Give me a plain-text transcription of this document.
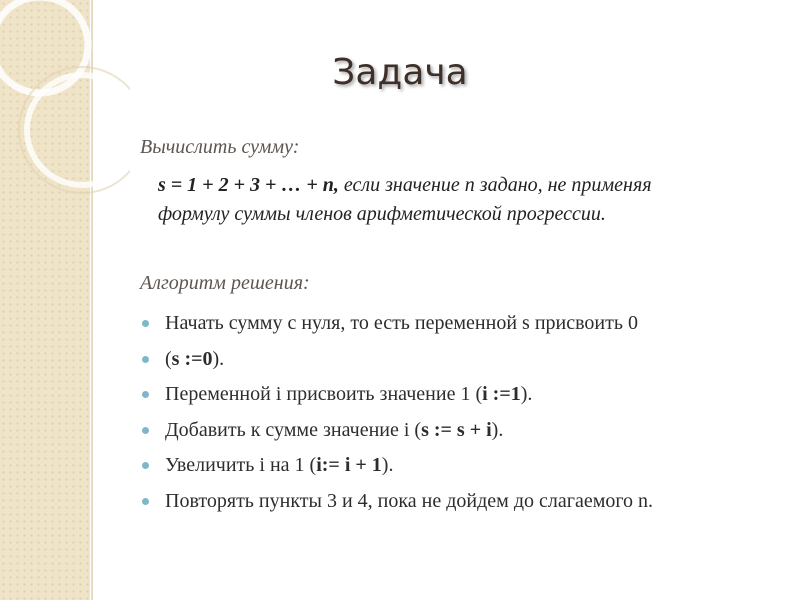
Задача
Вычислить сумму:
s = 1 + 2 + 3 + … + n, если значение n задано, не применяя
формулу суммы членов арифметической прогрессии.
Алгоритм решения:
Начать сумму с нуля, то есть переменной s присвоить 0
(s :=0).
Переменной i присвоить значение 1 (i :=1).
Добавить к сумме значение i (s := s + i).
Увеличить i на 1 (i:= i + 1).
Повторять пункты 3 и 4, пока не дойдем до слагаемого n.
